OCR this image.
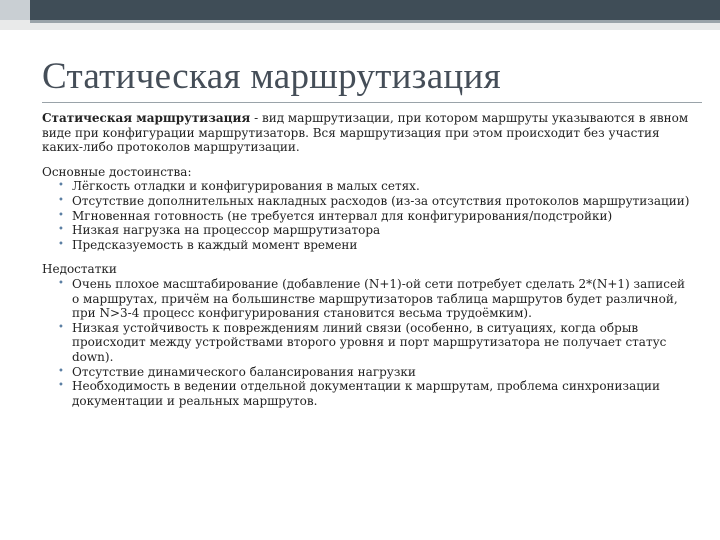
Статическая маршрутизация

Статическая маршрутизация - вид маршрутизации, при котором маршруты указываются в явном виде при конфигурации маршрутизаторв. Вся маршрутизация при этом происходит без участия каких-либо протоколов маршрутизации.

Основные достоинства:

• Лёгкость отладки и конфигурирования в малых сетях.
• Отсутствие дополнительных накладных расходов (из-за отсутствия протоколов маршрутизации)
• Мгновенная готовность (не требуется интервал для конфигурирования/подстройки)
• Низкая нагрузка на процессор маршрутизатора
• Предсказуемость в каждый момент времени

Недостатки

• Очень плохое масштабирование (добавление (N+1)-ой сети потребует сделать 2*(N+1) записей о маршрутах, причём на большинстве маршрутизаторов таблица маршрутов будет различной, при N>3-4 процесс конфигурирования становится весьма трудоёмким).
• Низкая устойчивость к повреждениям линий связи (особенно, в ситуациях, когда обрыв происходит между устройствами второго уровня и порт маршрутизатора не получает статус down).
• Отсутствие динамического балансирования нагрузки
• Необходимость в ведении отдельной документации к маршрутам, проблема синхронизации документации и реальных маршрутов.
